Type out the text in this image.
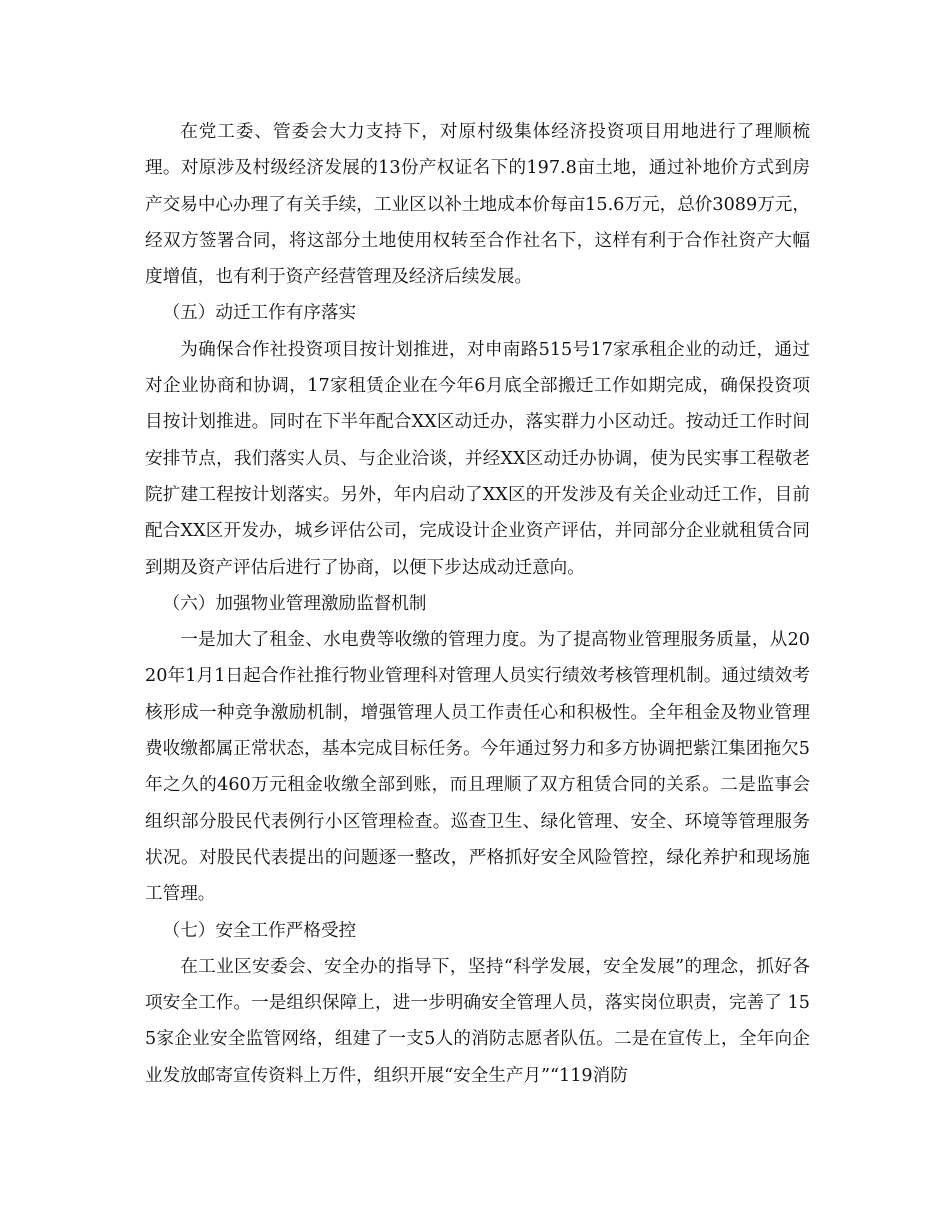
在党工委、管委会大力支持下，对原村级集体经济投资项目用地进行了理顺梳理。对原涉及村级经济发展的13份产权证名下的197.8亩土地，通过补地价方式到房产交易中心办理了有关手续，工业区以补土地成本价每亩15.6万元，总价3089万元，经双方签署合同，将这部分土地使用权转至合作社名下，这样有利于合作社资产大幅度增值，也有利于资产经营管理及经济后续发展。

（五）动迁工作有序落实

为确保合作社投资项目按计划推进，对申南路515号17家承租企业的动迁，通过对企业协商和协调，17家租赁企业在今年6月底全部搬迁工作如期完成，确保投资项目按计划推进。同时在下半年配合XX区动迁办，落实群力小区动迁。按动迁工作时间安排节点，我们落实人员、与企业洽谈，并经XX区动迁办协调，使为民实事工程敬老院扩建工程按计划落实。另外，年内启动了XX区的开发涉及有关企业动迁工作，目前配合XX区开发办，城乡评估公司，完成设计企业资产评估，并同部分企业就租赁合同到期及资产评估后进行了协商，以便下步达成动迁意向。

（六）加强物业管理激励监督机制

一是加大了租金、水电费等收缴的管理力度。为了提高物业管理服务质量，从2020年1月1日起合作社推行物业管理科对管理人员实行绩效考核管理机制。通过绩效考核形成一种竞争激励机制，增强管理人员工作责任心和积极性。全年租金及物业管理费收缴都属正常状态，基本完成目标任务。今年通过努力和多方协调把紫江集团拖欠5年之久的460万元租金收缴全部到账，而且理顺了双方租赁合同的关系。二是监事会组织部分股民代表例行小区管理检查。巡查卫生、绿化管理、安全、环境等管理服务状况。对股民代表提出的问题逐一整改，严格抓好安全风险管控，绿化养护和现场施工管理。

（七）安全工作严格受控

在工业区安委会、安全办的指导下，坚持“科学发展，安全发展”的理念，抓好各项安全工作。一是组织保障上，进一步明确安全管理人员，落实岗位职责，完善了 155家企业安全监管网络，组建了一支5人的消防志愿者队伍。二是在宣传上，全年向企业发放邮寄宣传资料上万件，组织开展“安全生产月”“119消防
